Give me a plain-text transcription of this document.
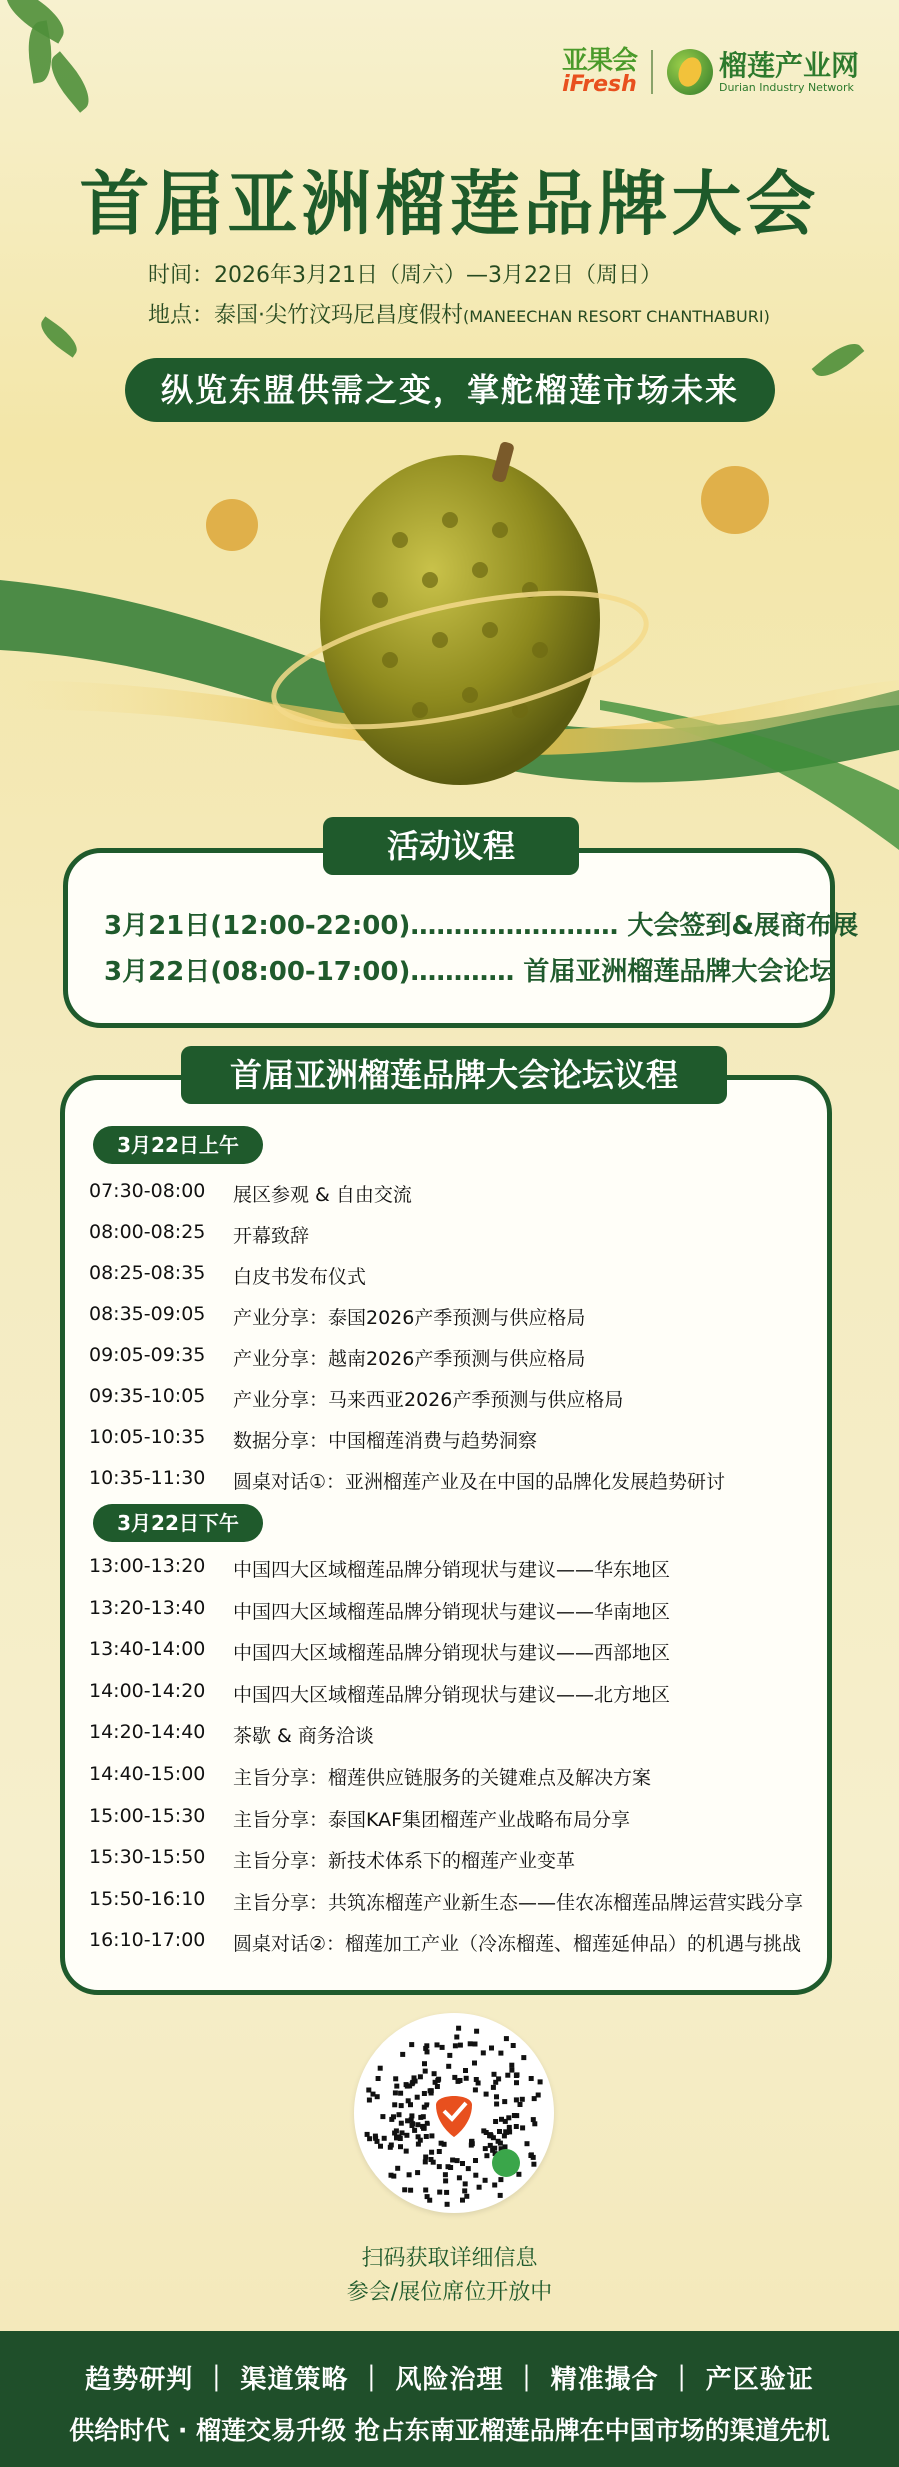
亚果会
iFresh
榴莲产业网
Durian Industry Network
首届亚洲榴莲品牌大会
时间：2026年3月21日（周六）—3月22日（周日）
地点：泰国·尖竹汶玛尼昌度假村(MANEECHAN RESORT CHANTHABURI)
纵览东盟供需之变，掌舵榴莲市场未来
3月21日(12:00-22:00)…………………… 大会签到&展商布展
3月22日(08:00-17:00)………… 首届亚洲榴莲品牌大会论坛
活动议程
3月22日上午
07:30-08:00	展区参观 & 自由交流
08:00-08:25	开幕致辞
08:25-08:35	白皮书发布仪式
08:35-09:05	产业分享：泰国2026产季预测与供应格局
09:05-09:35	产业分享：越南2026产季预测与供应格局
09:35-10:05	产业分享：马来西亚2026产季预测与供应格局
10:05-10:35	数据分享：中国榴莲消费与趋势洞察
10:35-11:30	圆桌对话①：亚洲榴莲产业及在中国的品牌化发展趋势研讨
3月22日下午
13:00-13:20	中国四大区域榴莲品牌分销现状与建议——华东地区
13:20-13:40	中国四大区域榴莲品牌分销现状与建议——华南地区
13:40-14:00	中国四大区域榴莲品牌分销现状与建议——西部地区
14:00-14:20	中国四大区域榴莲品牌分销现状与建议——北方地区
14:20-14:40	茶歇 & 商务洽谈
14:40-15:00	主旨分享：榴莲供应链服务的关键难点及解决方案
15:00-15:30	主旨分享：泰国KAF集团榴莲产业战略布局分享
15:30-15:50	主旨分享：新技术体系下的榴莲产业变革
15:50-16:10	主旨分享：共筑冻榴莲产业新生态——佳农冻榴莲品牌运营实践分享
16:10-17:00	圆桌对话②：榴莲加工产业（冷冻榴莲、榴莲延伸品）的机遇与挑战
首届亚洲榴莲品牌大会论坛议程
扫码获取详细信息
参会/展位席位开放中
趋势研判 ｜ 渠道策略 ｜ 风险治理 ｜ 精准撮合 ｜ 产区验证
供给时代 · 榴莲交易升级 抢占东南亚榴莲品牌在中国市场的渠道先机
